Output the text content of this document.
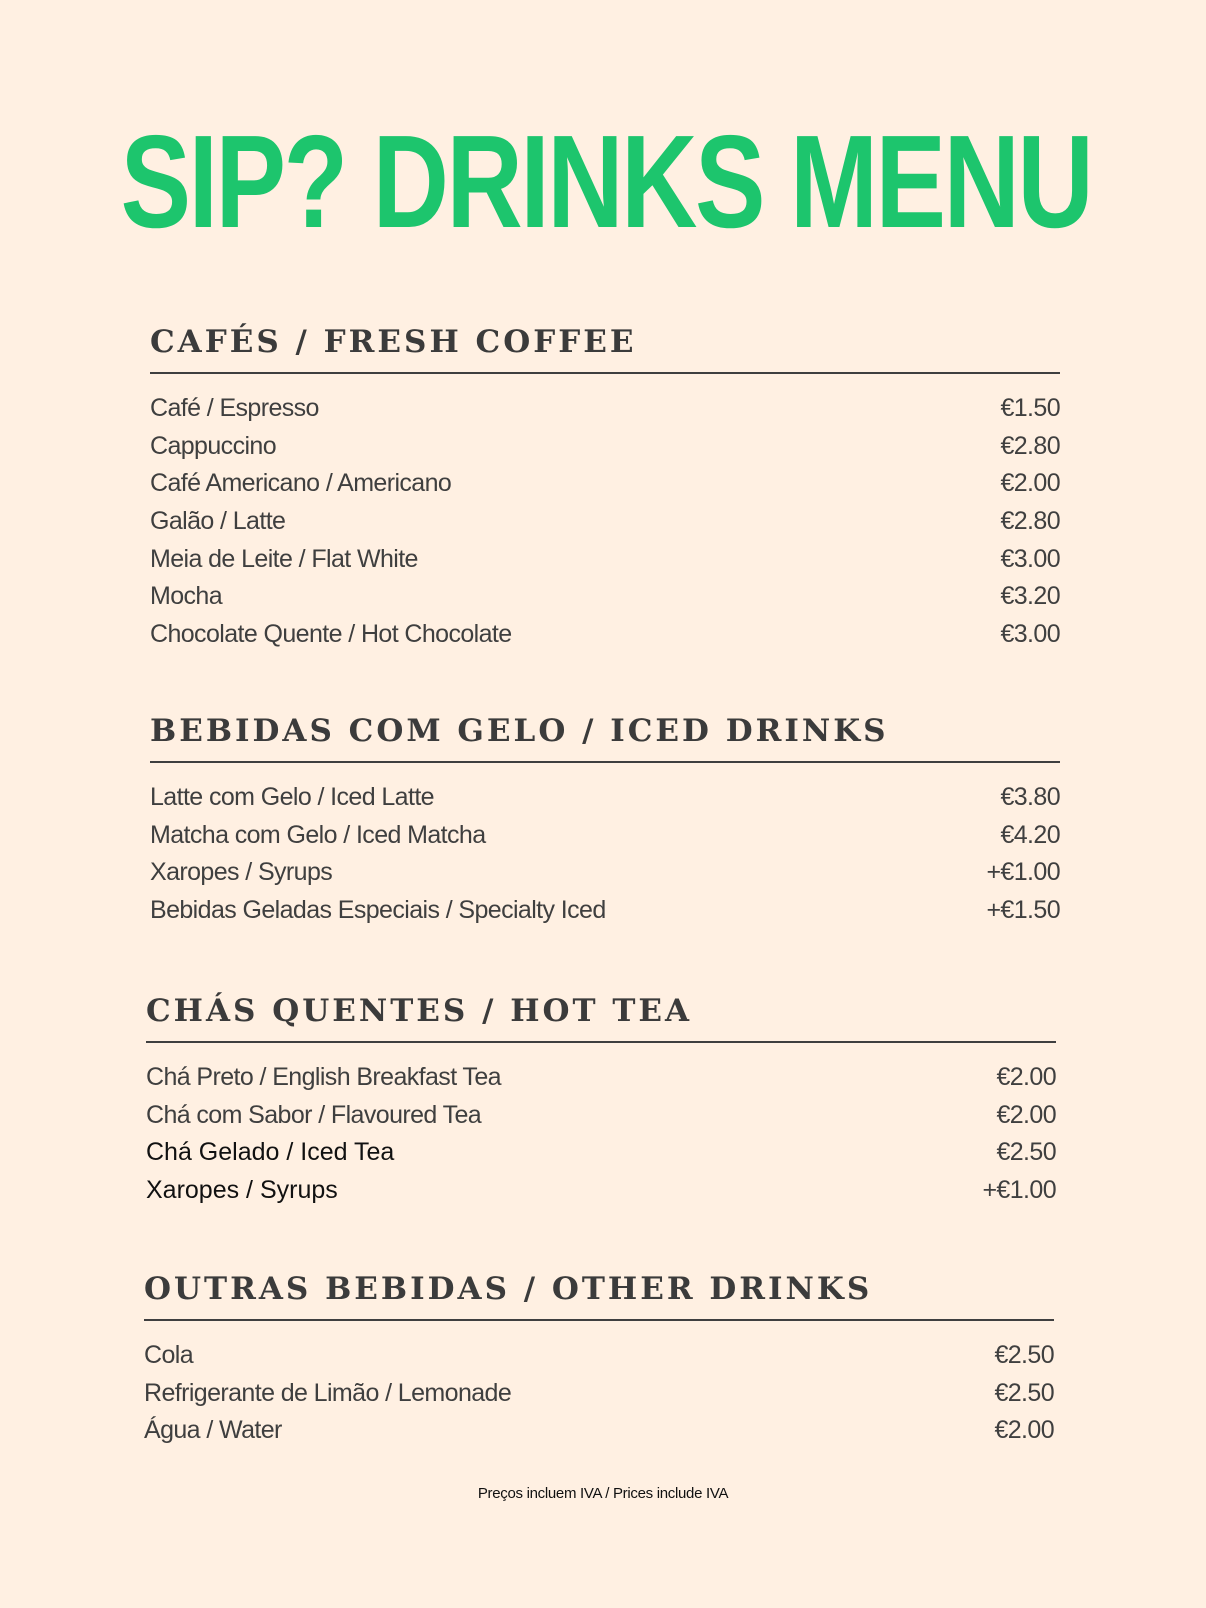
SIP? DRINKS MENU
CAFÉS / FRESH COFFEE
Café / Espresso	€1.50
Cappuccino	€2.80
Café Americano / Americano	€2.00
Galão / Latte	€2.80
Meia de Leite / Flat White	€3.00
Mocha	€3.20
Chocolate Quente / Hot Chocolate	€3.00
BEBIDAS COM GELO / ICED DRINKS
Latte com Gelo / Iced Latte	€3.80
Matcha com Gelo / Iced Matcha	€4.20
Xaropes / Syrups	+€1.00
Bebidas Geladas Especiais / Specialty Iced	+€1.50
CHÁS QUENTES / HOT TEA
Chá Preto / English Breakfast Tea	€2.00
Chá com Sabor / Flavoured Tea	€2.00
Chá Gelado / Iced Tea	€2.50
Xaropes / Syrups	+€1.00
OUTRAS BEBIDAS / OTHER DRINKS
Cola	€2.50
Refrigerante de Limão / Lemonade	€2.50
Água / Water	€2.00
Preços incluem IVA / Prices include IVA
